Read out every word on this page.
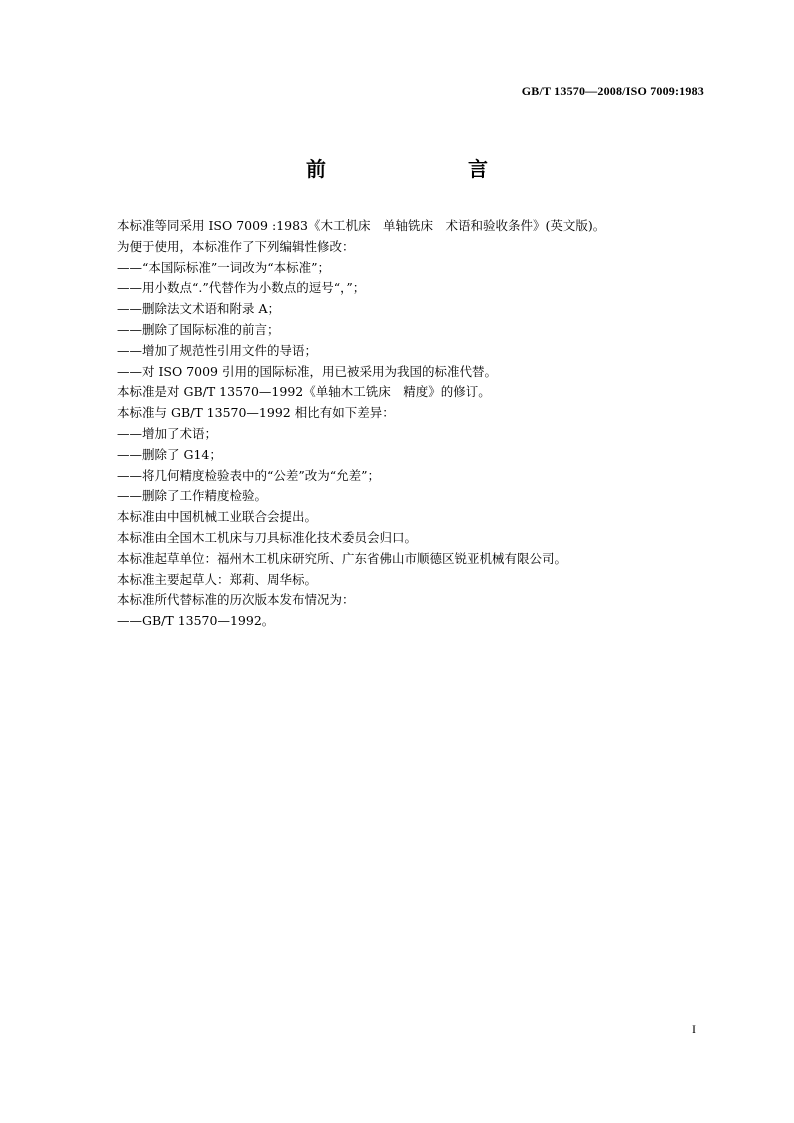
GB/T 13570—2008/ISO 7009:1983
前　　言
本标准等同采用 ISO 7009 :1983《木工机床　单轴铣床　术语和验收条件》(英文版)。
为便于使用，本标准作了下列编辑性修改：
——“本国际标准”一词改为“本标准”；
——用小数点“.”代替作为小数点的逗号“，”；
——删除法文术语和附录 A；
——删除了国际标准的前言；
——增加了规范性引用文件的导语；
——对 ISO 7009 引用的国际标准，用已被采用为我国的标准代替。
本标准是对 GB/T 13570—1992《单轴木工铣床　精度》的修订。
本标准与 GB/T 13570—1992 相比有如下差异：
——增加了术语；
——删除了 G14；
——将几何精度检验表中的“公差”改为“允差”；
——删除了工作精度检验。
本标准由中国机械工业联合会提出。
本标准由全国木工机床与刀具标准化技术委员会归口。
本标准起草单位：福州木工机床研究所、广东省佛山市顺德区锐亚机械有限公司。
本标准主要起草人：郑莉、周华标。
本标准所代替标准的历次版本发布情况为：
——GB/T 13570—1992。
I
